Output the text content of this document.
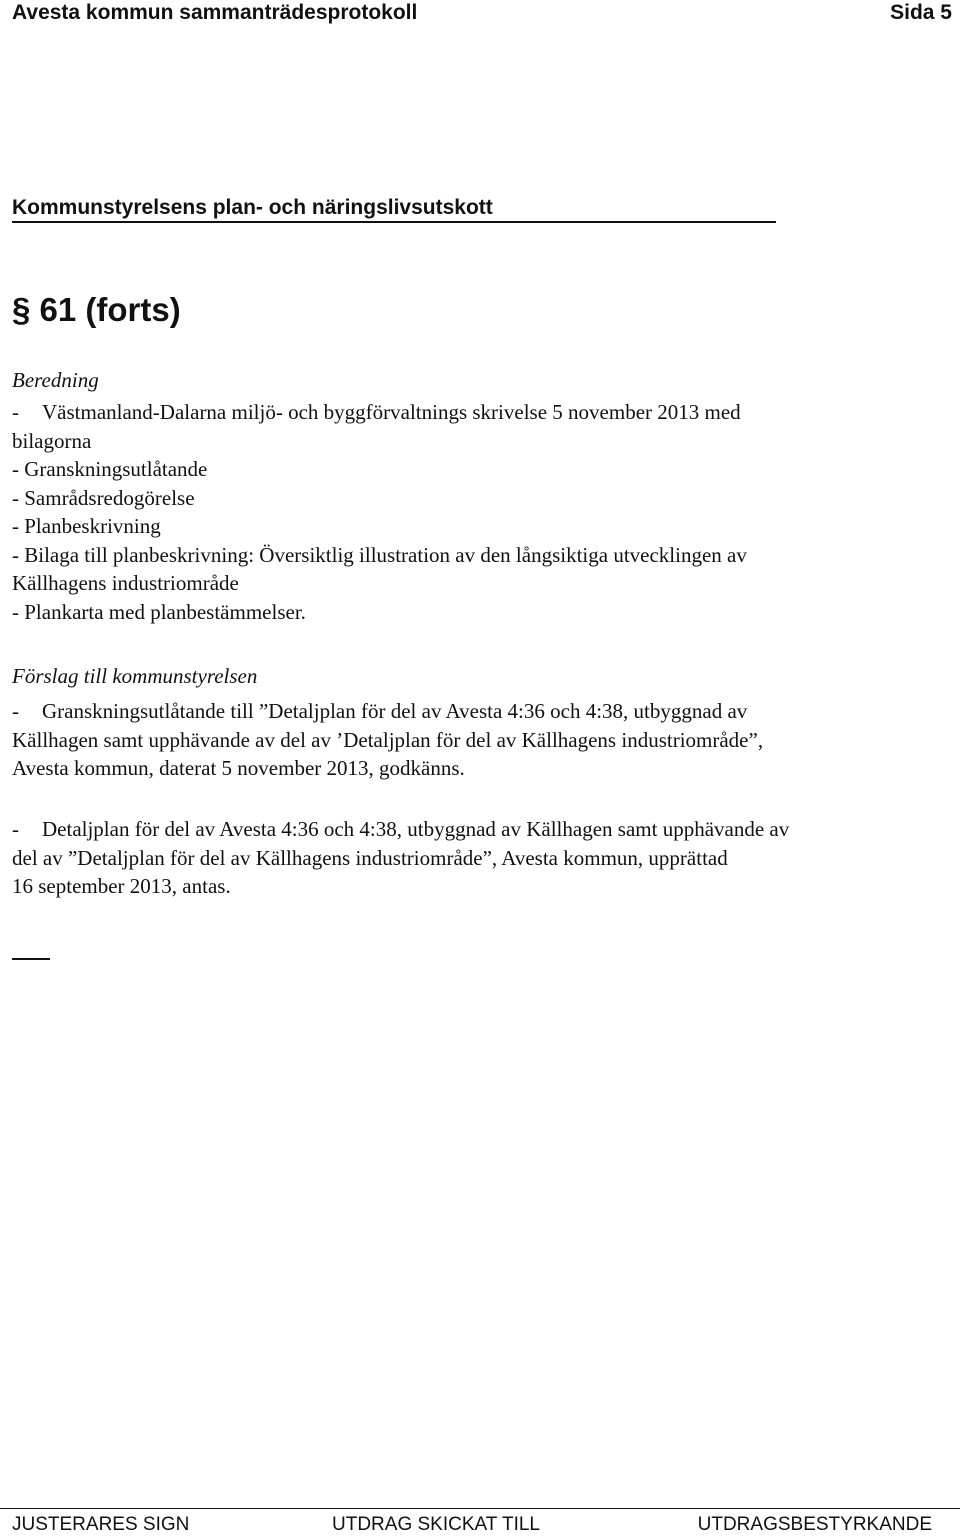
Avesta kommun sammanträdesprotokoll	Sida 5
Kommunstyrelsens plan- och näringslivsutskott
§ 61 (forts)
Beredning
-	Västmanland-Dalarna miljö- och byggförvaltnings skrivelse 5 november 2013 med
bilagorna
- Granskningsutlåtande
- Samrådsredogörelse
- Planbeskrivning
- Bilaga till planbeskrivning: Översiktlig illustration av den långsiktiga utvecklingen av
Källhagens industriområde
- Plankarta med planbestämmelser.
Förslag till kommunstyrelsen
-	Granskningsutlåtande till ”Detaljplan för del av Avesta 4:36 och 4:38, utbyggnad av
Källhagen samt upphävande av del av ’Detaljplan för del av Källhagens industriområde”,
Avesta kommun, daterat 5 november 2013, godkänns.
-	Detaljplan för del av Avesta 4:36 och 4:38, utbyggnad av Källhagen samt upphävande av
del av ”Detaljplan för del av Källhagens industriområde”, Avesta kommun, upprättad
16 september 2013, antas.
JUSTERARES SIGN	UTDRAG SKICKAT TILL	UTDRAGSBESTYRKANDE
